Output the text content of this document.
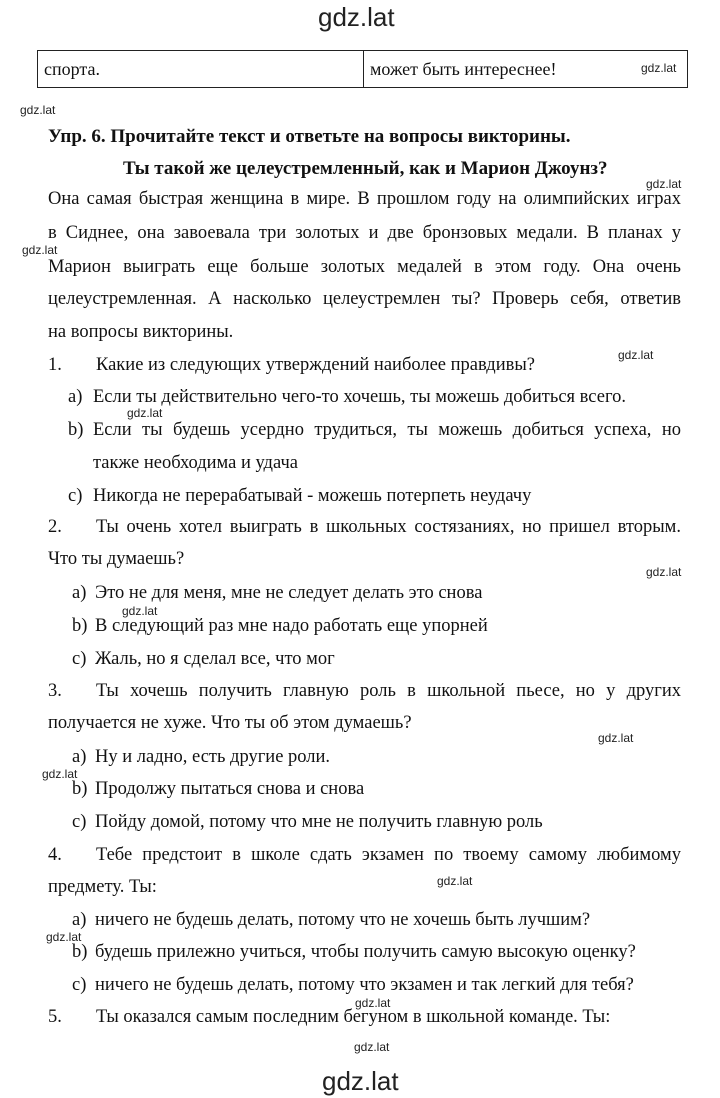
gdz.lat
спорта.	может быть интереснее!
Упр. 6. Прочитайте текст и ответьте на вопросы викторины.
Ты такой же целеустремленный, как и Марион Джоунз?
Она самая быстрая женщина в мире. В прошлом году на олимпийских играх
в Сиднее, она завоевала три золотых и две бронзовых медали. В планах у
Марион выиграть еще больше золотых медалей в этом году. Она очень
целеустремленная. А насколько целеустремлен ты? Проверь себя, ответив
на вопросы викторины.
1. Какие из следующих утверждений наиболее правдивы?
a) Если ты действительно чего-то хочешь, ты можешь добиться всего.
b) Если ты будешь усердно трудиться, ты можешь добиться успеха, но
также необходима и удача
c) Никогда не перерабатывай - можешь потерпеть неудачу
2. Ты очень хотел выиграть в школьных состязаниях, но пришел вторым.
Что ты думаешь?
a) Это не для меня, мне не следует делать это снова
b) В следующий раз мне надо работать еще упорней
c) Жаль, но я сделал все, что мог
3. Ты хочешь получить главную роль в школьной пьесе, но у других
получается не хуже. Что ты об этом думаешь?
a) Ну и ладно, есть другие роли.
b) Продолжу пытаться снова и снова
c) Пойду домой, потому что мне не получить главную роль
4. Тебе предстоит в школе сдать экзамен по твоему самому любимому
предмету. Ты:
a) ничего не будешь делать, потому что не хочешь быть лучшим?
b) будешь прилежно учиться, чтобы получить самую высокую оценку?
c) ничего не будешь делать, потому что экзамен и так легкий для тебя?
5. Ты оказался самым последним бегуном в школьной команде. Ты:
gdz.lat
gdz.lat
gdz.lat
gdz.lat
gdz.lat
gdz.lat
gdz.lat
gdz.lat
gdz.lat
gdz.lat
gdz.lat
gdz.lat
gdz.lat
gdz.lat
gdz.lat
